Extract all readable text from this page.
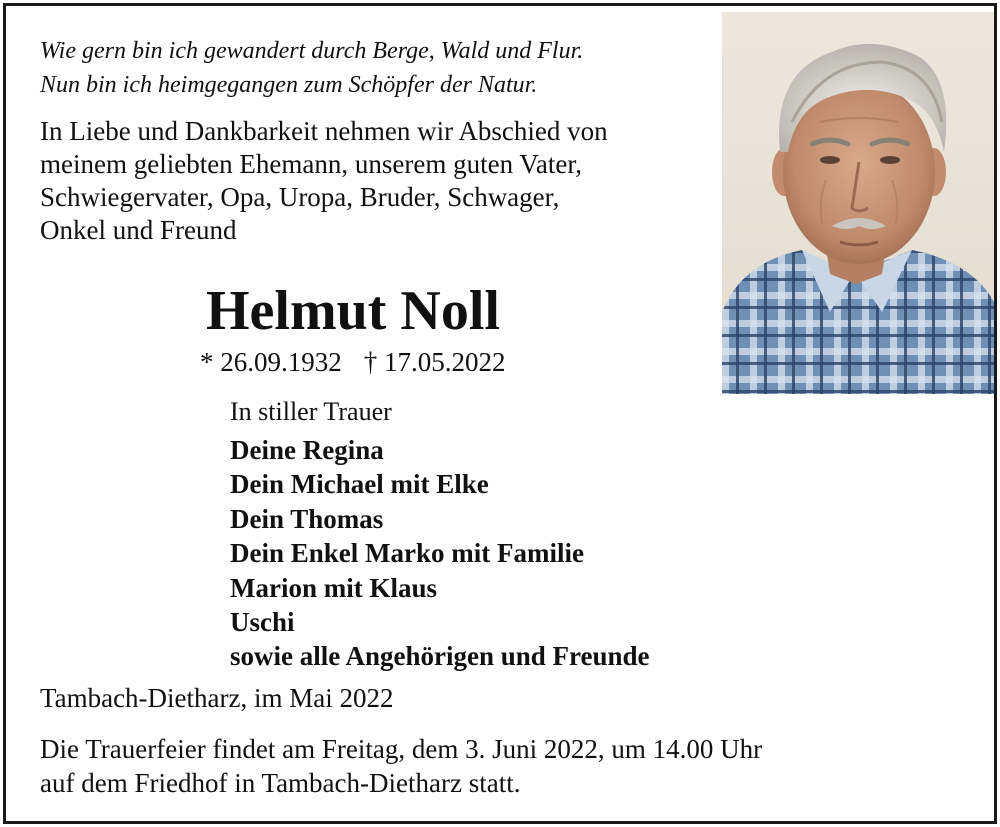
Wie gern bin ich gewandert durch Berge, Wald und Flur.
Nun bin ich heimgegangen zum Schöpfer der Natur.
In Liebe und Dankbarkeit nehmen wir Abschied von
meinem geliebten Ehemann, unserem guten Vater,
Schwiegervater, Opa, Uropa, Bruder, Schwager,
Onkel und Freund
Helmut Noll
* 26.09.1932 † 17.05.2022
In stiller Trauer
Deine Regina
Dein Michael mit Elke
Dein Thomas
Dein Enkel Marko mit Familie
Marion mit Klaus
Uschi
sowie alle Angehörigen und Freunde
Tambach-Dietharz, im Mai 2022
Die Trauerfeier findet am Freitag, dem 3. Juni 2022, um 14.00 Uhr
auf dem Friedhof in Tambach-Dietharz statt.
